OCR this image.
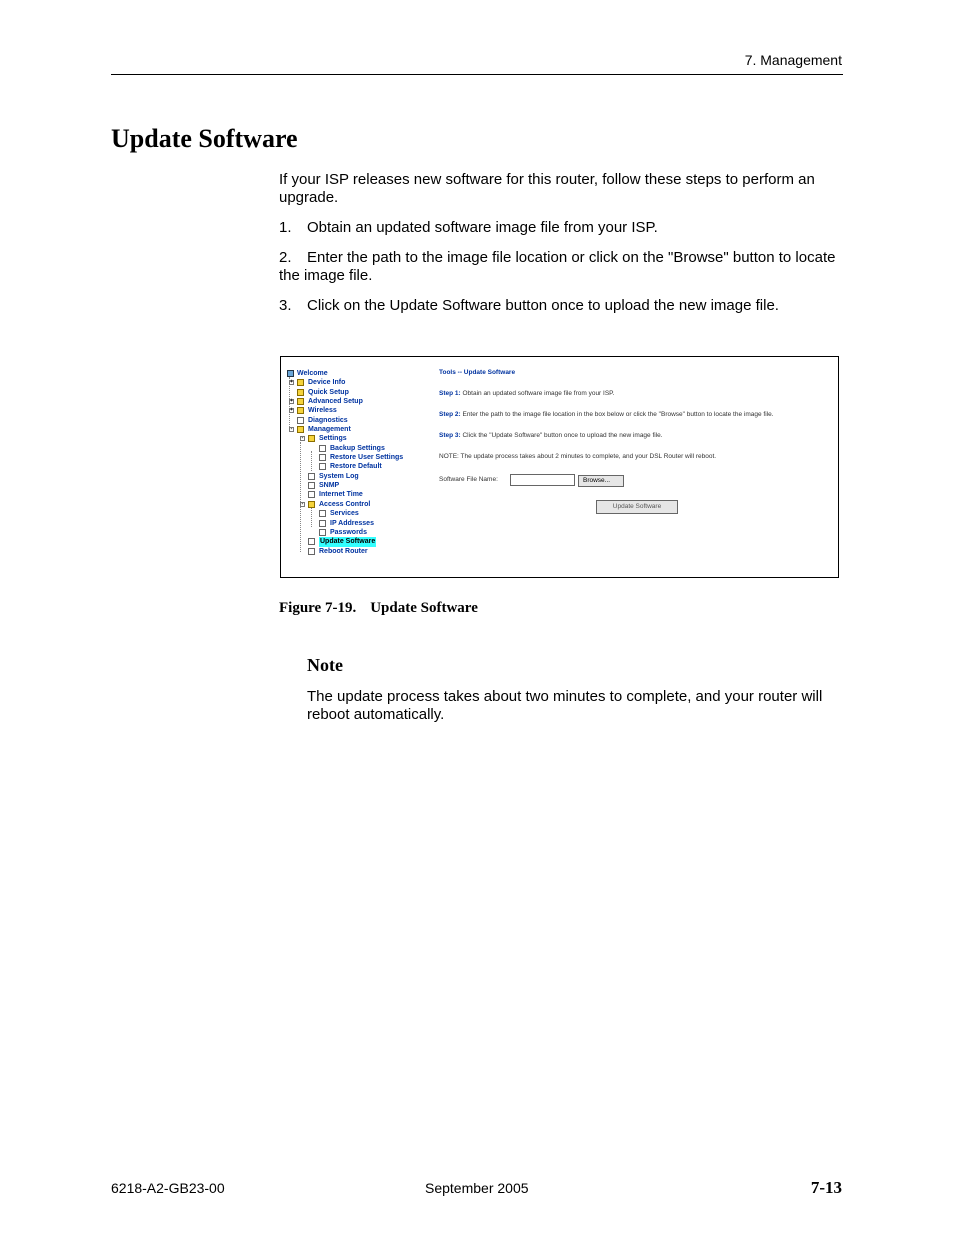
7. Management
Update Software
If your ISP releases new software for this router, follow these steps to perform an upgrade.
1. Obtain an updated software image file from your ISP.
2. Enter the path to the image file location or click on the "Browse" button to locate the image file.
3. Click on the Update Software button once to upload the new image file.
Welcome
+ Device Info
Quick Setup
+ Advanced Setup
+ Wireless
Diagnostics
- Management
- Settings
Backup Settings
Restore User Settings
Restore Default
System Log
SNMP
Internet Time
- Access Control
Services
IP Addresses
Passwords
Update Software
Reboot Router
Tools -- Update Software
Step 1: Obtain an updated software image file from your ISP.
Step 2: Enter the path to the image file location in the box below or click the "Browse" button to locate the image file.
Step 3: Click the "Update Software" button once to upload the new image file.
NOTE: The update process takes about 2 minutes to complete, and your DSL Router will reboot.
Software File Name:	Browse...
Update Software
Figure 7-19. Update Software
Note
The update process takes about two minutes to complete, and your router will reboot automatically.
6218-A2-GB23-00	September 2005	7-13
